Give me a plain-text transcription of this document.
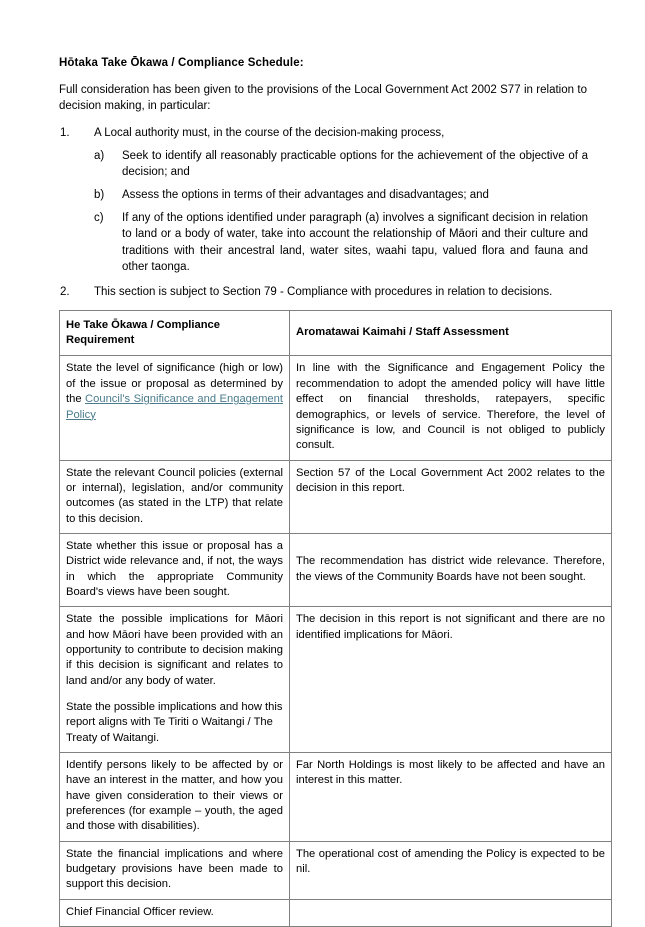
Hōtaka Take Ōkawa / Compliance Schedule:

Full consideration has been given to the provisions of the Local Government Act 2002 S77 in relation to decision making, in particular:

1.	A Local authority must, in the course of the decision-making process,
a)	Seek to identify all reasonably practicable options for the achievement of the objective of a decision; and
b)	Assess the options in terms of their advantages and disadvantages; and
c)	If any of the options identified under paragraph (a) involves a significant decision in relation to land or a body of water, take into account the relationship of Māori and their culture and traditions with their ancestral land, water sites, waahi tapu, valued flora and fauna and other taonga.
2.	This section is subject to Section 79 - Compliance with procedures in relation to decisions.
He Take Ōkawa / Compliance Requirement	Aromatawai Kaimahi / Staff Assessment
State the level of significance (high or low) of the issue or proposal as determined by the Council's Significance and Engagement Policy	In line with the Significance and Engagement Policy the recommendation to adopt the amended policy will have little effect on financial thresholds, ratepayers, specific demographics, or levels of service. Therefore, the level of significance is low, and Council is not obliged to publicly consult.
State the relevant Council policies (external or internal), legislation, and/or community outcomes (as stated in the LTP) that relate to this decision.	Section 57 of the Local Government Act 2002 relates to the decision in this report.
State whether this issue or proposal has a District wide relevance and, if not, the ways in which the appropriate Community Board's views have been sought.	The recommendation has district wide relevance. Therefore, the views of the Community Boards have not been sought.

State the possible implications for Māori and how Māori have been provided with an opportunity to contribute to decision making if this decision is significant and relates to land and/or any body of water.

State the possible implications and how this report aligns with Te Tiriti o Waitangi / The Treaty of Waitangi.	The decision in this report is not significant and there are no identified implications for Māori.
Identify persons likely to be affected by or have an interest in the matter, and how you have given consideration to their views or preferences (for example – youth, the aged and those with disabilities).	Far North Holdings is most likely to be affected and have an interest in this matter.
State the financial implications and where budgetary provisions have been made to support this decision.	The operational cost of amending the Policy is expected to be nil.
Chief Financial Officer review.	
